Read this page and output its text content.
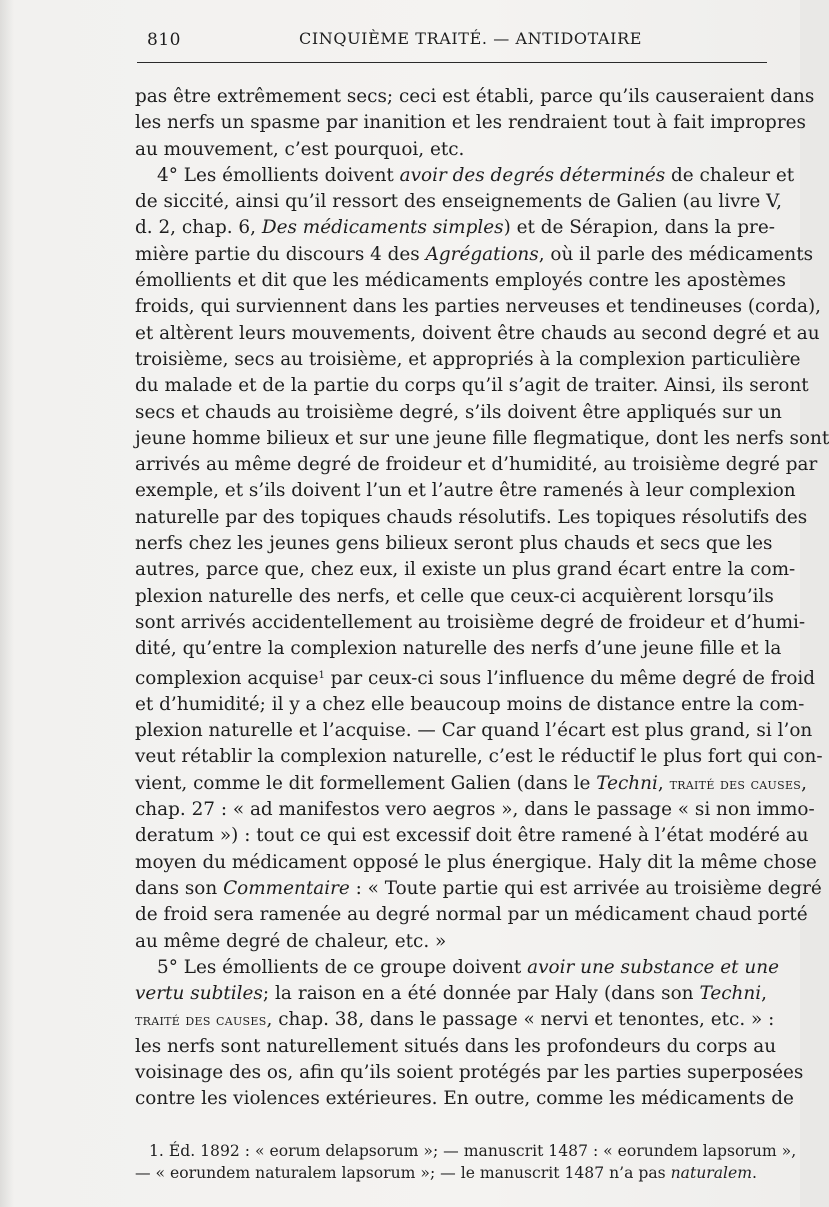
810	CINQUIÈME TRAITÉ. — ANTIDOTAIRE
pas être extrêmement secs; ceci est établi, parce qu’ils causeraient dans
les nerfs un spasme par inanition et les rendraient tout à fait impropres
au mouvement, c’est pourquoi, etc.
4° Les émollients doivent avoir des degrés déterminés de chaleur et
de siccité, ainsi qu’il ressort des enseignements de Galien (au livre V,
d. 2, chap. 6, Des médicaments simples) et de Sérapion, dans la pre-
mière partie du discours 4 des Agrégations, où il parle des médicaments
émollients et dit que les médicaments employés contre les apostèmes
froids, qui surviennent dans les parties nerveuses et tendineuses (corda),
et altèrent leurs mouvements, doivent être chauds au second degré et au
troisième, secs au troisième, et appropriés à la complexion particulière
du malade et de la partie du corps qu’il s’agit de traiter. Ainsi, ils seront
secs et chauds au troisième degré, s’ils doivent être appliqués sur un
jeune homme bilieux et sur une jeune fille flegmatique, dont les nerfs sont
arrivés au même degré de froideur et d’humidité, au troisième degré par
exemple, et s’ils doivent l’un et l’autre être ramenés à leur complexion
naturelle par des topiques chauds résolutifs. Les topiques résolutifs des
nerfs chez les jeunes gens bilieux seront plus chauds et secs que les
autres, parce que, chez eux, il existe un plus grand écart entre la com-
plexion naturelle des nerfs, et celle que ceux-ci acquièrent lorsqu’ils
sont arrivés accidentellement au troisième degré de froideur et d’humi-
dité, qu’entre la complexion naturelle des nerfs d’une jeune fille et la
complexion acquise$^1$ par ceux-ci sous l’influence du même degré de froid
et d’humidité; il y a chez elle beaucoup moins de distance entre la com-
plexion naturelle et l’acquise. — Car quand l’écart est plus grand, si l’on
veut rétablir la complexion naturelle, c’est le réductif le plus fort qui con-
vient, comme le dit formellement Galien (dans le Techni, traité des causes,
chap. 27 : « ad manifestos vero aegros », dans le passage « si non immo-
deratum ») : tout ce qui est excessif doit être ramené à l’état modéré au
moyen du médicament opposé le plus énergique. Haly dit la même chose
dans son Commentaire : « Toute partie qui est arrivée au troisième degré
de froid sera ramenée au degré normal par un médicament chaud porté
au même degré de chaleur, etc. »
5° Les émollients de ce groupe doivent avoir une substance et une
vertu subtiles; la raison en a été donnée par Haly (dans son Techni,
traité des causes, chap. 38, dans le passage « nervi et tenontes, etc. » :
les nerfs sont naturellement situés dans les profondeurs du corps au
voisinage des os, afin qu’ils soient protégés par les parties superposées
contre les violences extérieures. En outre, comme les médicaments de
1. Éd. 1892 : « eorum delapsorum »; — manuscrit 1487 : « eorundem lapsorum »,
— « eorundem naturalem lapsorum »; — le manuscrit 1487 n’a pas naturalem.
